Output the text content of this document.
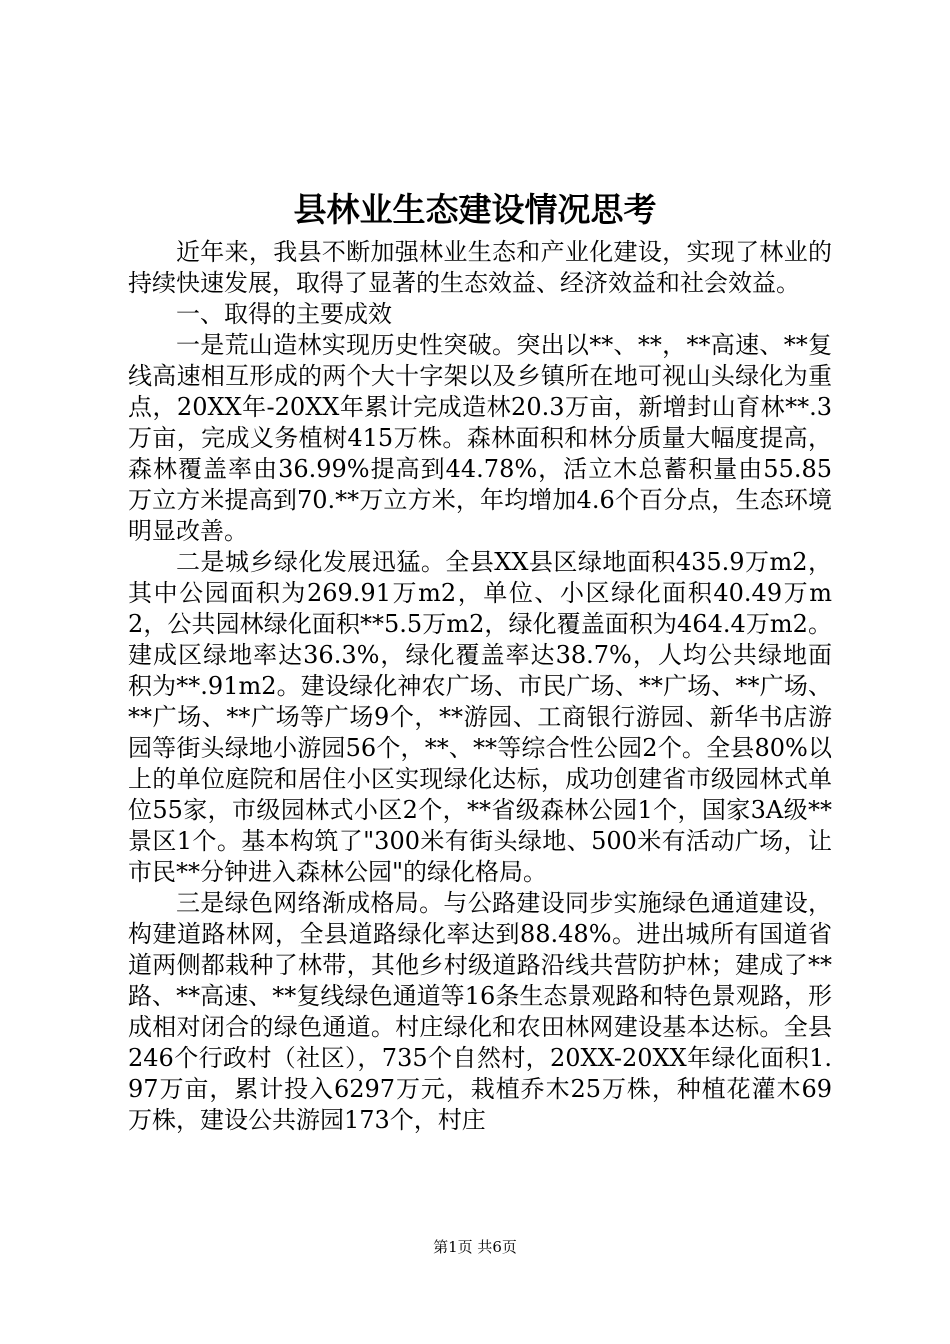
县林业生态建设情况思考

近年来，我县不断加强林业生态和产业化建设，实现了林业的持续快速发展，取得了显著的生态效益、经济效益和社会效益。

一、取得的主要成效

一是荒山造林实现历史性突破。突出以**、**，**高速、**复线高速相互形成的两个大十字架以及乡镇所在地可视山头绿化为重点，20XX年-20XX年累计完成造林20.3万亩，新增封山育林**.3万亩，完成义务植树415万株。森林面积和林分质量大幅度提高，森林覆盖率由36.99%提高到44.78%，活立木总蓄积量由55.85万立方米提高到70.**万立方米，年均增加4.6个百分点，生态环境明显改善。

二是城乡绿化发展迅猛。全县XX县区绿地面积435.9万m2，其中公园面积为269.91万m2，单位、小区绿化面积40.49万m2，公共园林绿化面积**5.5万m2，绿化覆盖面积为464.4万m2。建成区绿地率达36.3%，绿化覆盖率达38.7%，人均公共绿地面积为**.91m2。建设绿化神农广场、市民广场、**广场、**广场、**广场、**广场等广场9个，**游园、工商银行游园、新华书店游园等街头绿地小游园56个，**、**等综合性公园2个。全县80%以上的单位庭院和居住小区实现绿化达标，成功创建省市级园林式单位55家，市级园林式小区2个，**省级森林公园1个，国家3A级**景区1个。基本构筑了"300米有街头绿地、500米有活动广场，让市民**分钟进入森林公园"的绿化格局。

三是绿色网络渐成格局。与公路建设同步实施绿色通道建设，构建道路林网，全县道路绿化率达到88.48%。进出城所有国道省道两侧都栽种了林带，其他乡村级道路沿线共营防护林；建成了**路、**高速、**复线绿色通道等16条生态景观路和特色景观路，形成相对闭合的绿色通道。村庄绿化和农田林网建设基本达标。全县246个行政村（社区），735个自然村，20XX-20XX年绿化面积1.97万亩，累计投入6297万元，栽植乔木25万株，种植花灌木69万株，建设公共游园173个，村庄

第1页 共6页
